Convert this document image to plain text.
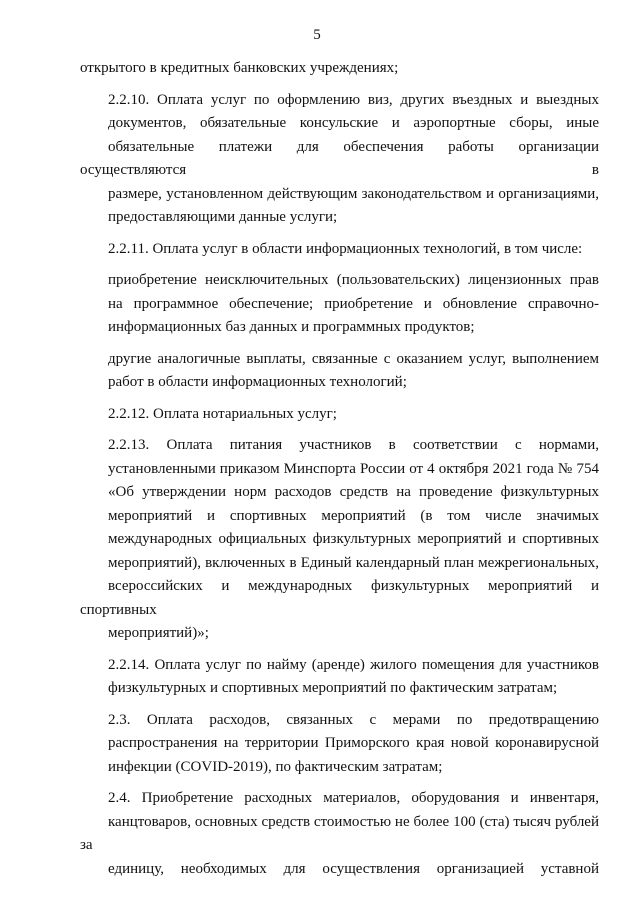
5
открытого в кредитных банковских учреждениях;
2.2.10. Оплата услуг по оформлению виз, других въездных и выездных
документов, обязательные консульские и аэропортные сборы, иные
обязательные платежи для обеспечения работы организации осуществляются в
размере, установленном действующим законодательством и организациями,
предоставляющими данные услуги;
2.2.11. Оплата услуг в области информационных технологий, в том числе:
приобретение неисключительных (пользовательских) лицензионных прав
на программное обеспечение; приобретение и обновление справочно-
информационных баз данных и программных продуктов;
другие аналогичные выплаты, связанные с оказанием услуг, выполнением
работ в области информационных технологий;
2.2.12. Оплата нотариальных услуг;
2.2.13. Оплата питания участников в соответствии с нормами,
установленными приказом Минспорта России от 4 октября 2021 года № 754
«Об утверждении норм расходов средств на проведение физкультурных
мероприятий и спортивных мероприятий (в том числе значимых
международных официальных физкультурных мероприятий и спортивных
мероприятий), включенных в Единый календарный план межрегиональных,
всероссийских и международных физкультурных мероприятий и спортивных
мероприятий)»;
2.2.14. Оплата услуг по найму (аренде) жилого помещения для участников
физкультурных и спортивных мероприятий по фактическим затратам;
2.3. Оплата расходов, связанных с мерами по предотвращению
распространения на территории Приморского края новой коронавирусной
инфекции (COVID-2019), по фактическим затратам;
2.4. Приобретение расходных материалов, оборудования и инвентаря,
канцтоваров, основных средств стоимостью не более 100 (ста) тысяч рублей за
единицу, необходимых для осуществления организацией уставной
